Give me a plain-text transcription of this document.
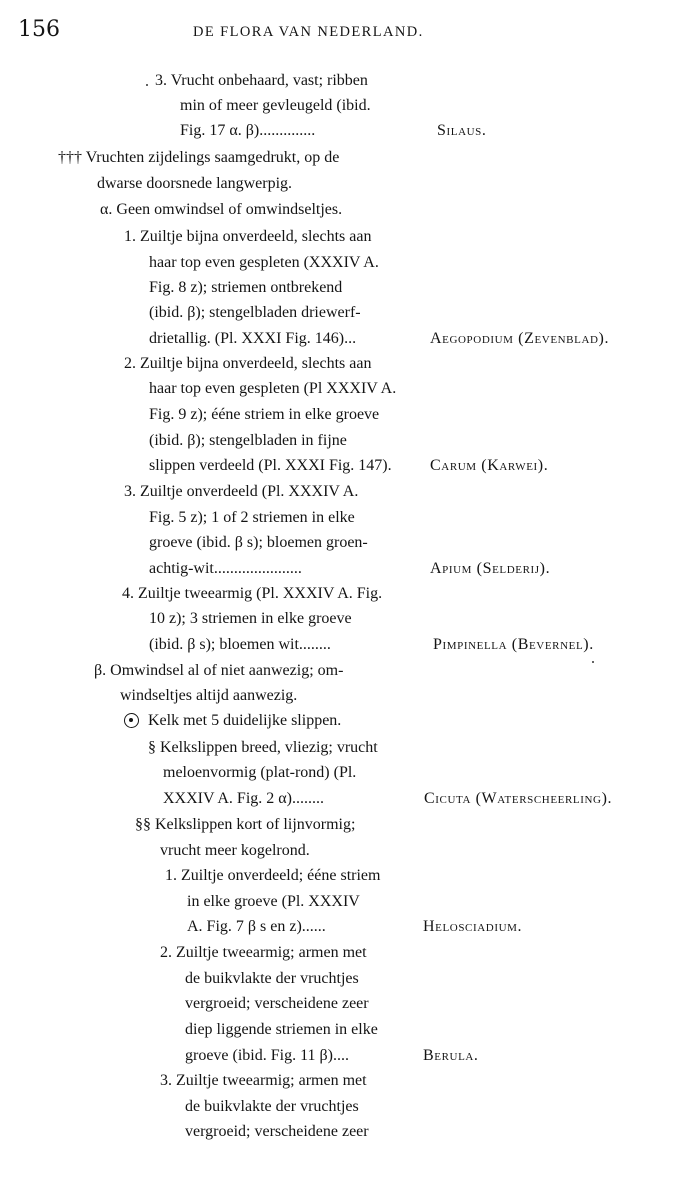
156	DE FLORA VAN NEDERLAND.
3. Vrucht onbehaard, vast; ribben
min of meer gevleugeld (ibid.
Fig. 17 α. β)..............
††† Vruchten zijdelings saamgedrukt, op de
dwarse doorsnede langwerpig.
α. Geen omwindsel of omwindseltjes.
1. Zuiltje bijna onverdeeld, slechts aan
haar top even gespleten (XXXIV A.
Fig. 8 z); striemen ontbrekend
(ibid. β); stengelbladen driewerf-
drietallig. (Pl. XXXI Fig. 146)...
2. Zuiltje bijna onverdeeld, slechts aan
haar top even gespleten (Pl XXXIV A.
Fig. 9 z); ééne striem in elke groeve
(ibid. β); stengelbladen in fijne
slippen verdeeld (Pl. XXXI Fig. 147).
3. Zuiltje onverdeeld (Pl. XXXIV A.
Fig. 5 z); 1 of 2 striemen in elke
groeve (ibid. β s); bloemen groen-
achtig-wit......................
4. Zuiltje tweearmig (Pl. XXXIV A. Fig.
10 z); 3 striemen in elke groeve
(ibid. β s); bloemen wit........
β. Omwindsel al of niet aanwezig; om-
windseltjes altijd aanwezig.
Kelk met 5 duidelijke slippen.
§ Kelkslippen breed, vliezig; vrucht
meloenvormig (plat-rond) (Pl.
XXXIV A. Fig. 2 α)........
§§ Kelkslippen kort of lijnvormig;
vrucht meer kogelrond.
1. Zuiltje onverdeeld; ééne striem
in elke groeve (Pl. XXXIV
A. Fig. 7 β s en z)......
2. Zuiltje tweearmig; armen met
de buikvlakte der vruchtjes
vergroeid; verscheidene zeer
diep liggende striemen in elke
groeve (ibid. Fig. 11 β)....
3. Zuiltje tweearmig; armen met
de buikvlakte der vruchtjes
vergroeid; verscheidene zeer
Silaus.
Aegopodium (Zevenblad).
Carum (Karwei).
Apium (Selderij).
Pimpinella (Bevernel).
Cicuta (Waterscheerling).
Helosciadium.
Berula.
